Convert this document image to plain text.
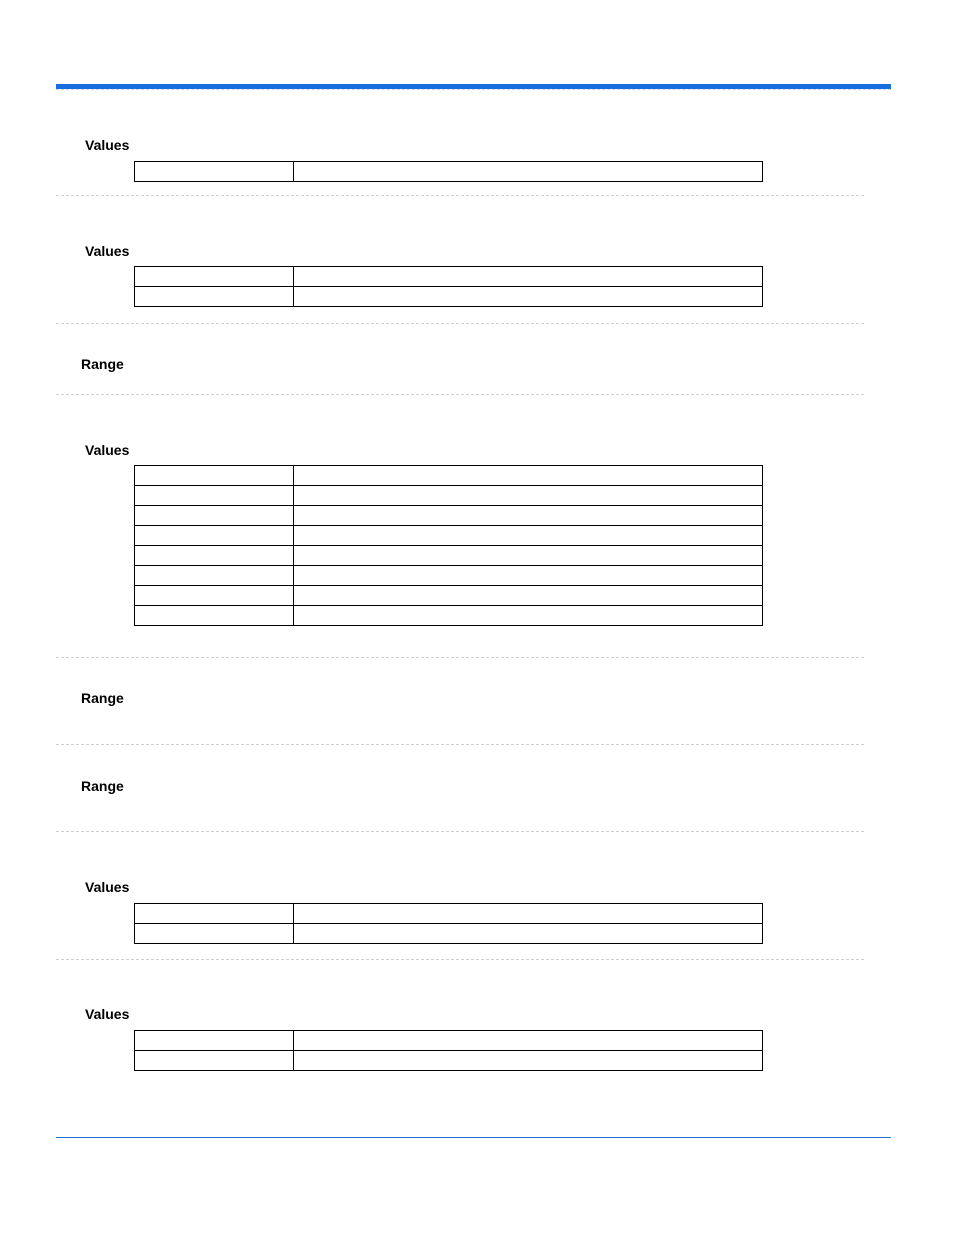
Values

Values

Range
Values

Range
Range
Values

Values
